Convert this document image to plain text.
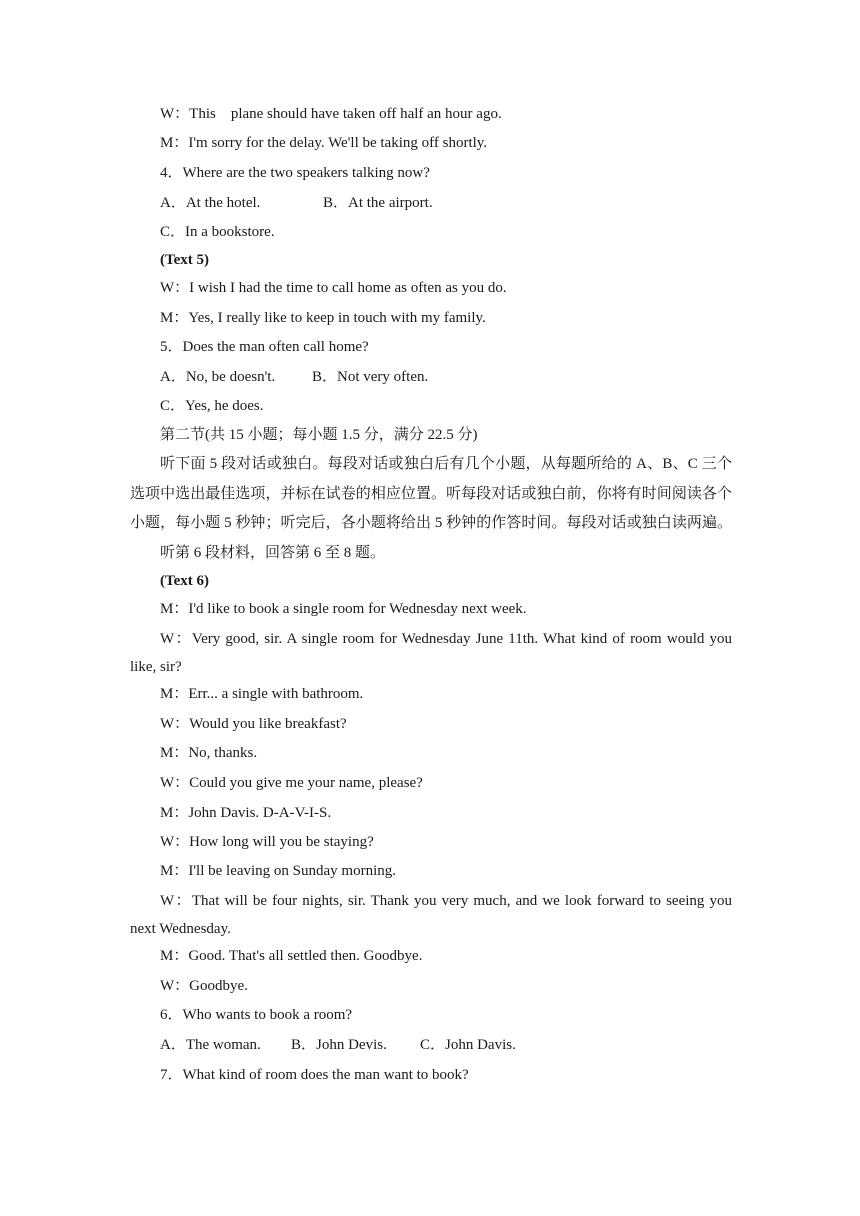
W：This    plane should have taken off half an hour ago.
M：I'm sorry for the delay. We'll be taking off shortly.
4．Where are the two speakers talking now?
A．At the hotel.	B．At the airport.
C．In a bookstore.
(Text 5)
W：I wish I had the time to call home as often as you do.
M：Yes, I really like to keep in touch with my family.
5．Does the man often call home?
A．No, be doesn't. B．Not very often.
C．Yes, he does.
第二节(共 15 小题；每小题 1.5 分，满分 22.5 分)
听下面 5 段对话或独白。每段对话或独白后有几个小题，从每题所给的 A、B、C 三个
选项中选出最佳选项，并标在试卷的相应位置。听每段对话或独白前，你将有时间阅读各个
小题，每小题 5 秒钟；听完后，各小题将给出 5 秒钟的作答时间。每段对话或独白读两遍。
听第 6 段材料，回答第 6 至 8 题。
(Text 6)
M：I'd like to book a single room for Wednesday next week.
W：Very good, sir. A single room for Wednesday June 11th. What kind of room would you
like, sir?
M：Err... a single with bathroom.
W：Would you like breakfast?
M：No, thanks.
W：Could you give me your name, please?
M：John Davis. D-A-V-I-S.
W：How long will you be staying?
M：I'll be leaving on Sunday morning.
W：That will be four nights, sir. Thank you very much, and we look forward to seeing you
next Wednesday.
M：Good. That's all settled then. Goodbye.
W：Goodbye.
6．Who wants to book a room?
A．The woman. B．John Devis. C．John Davis.
7．What kind of room does the man want to book?
